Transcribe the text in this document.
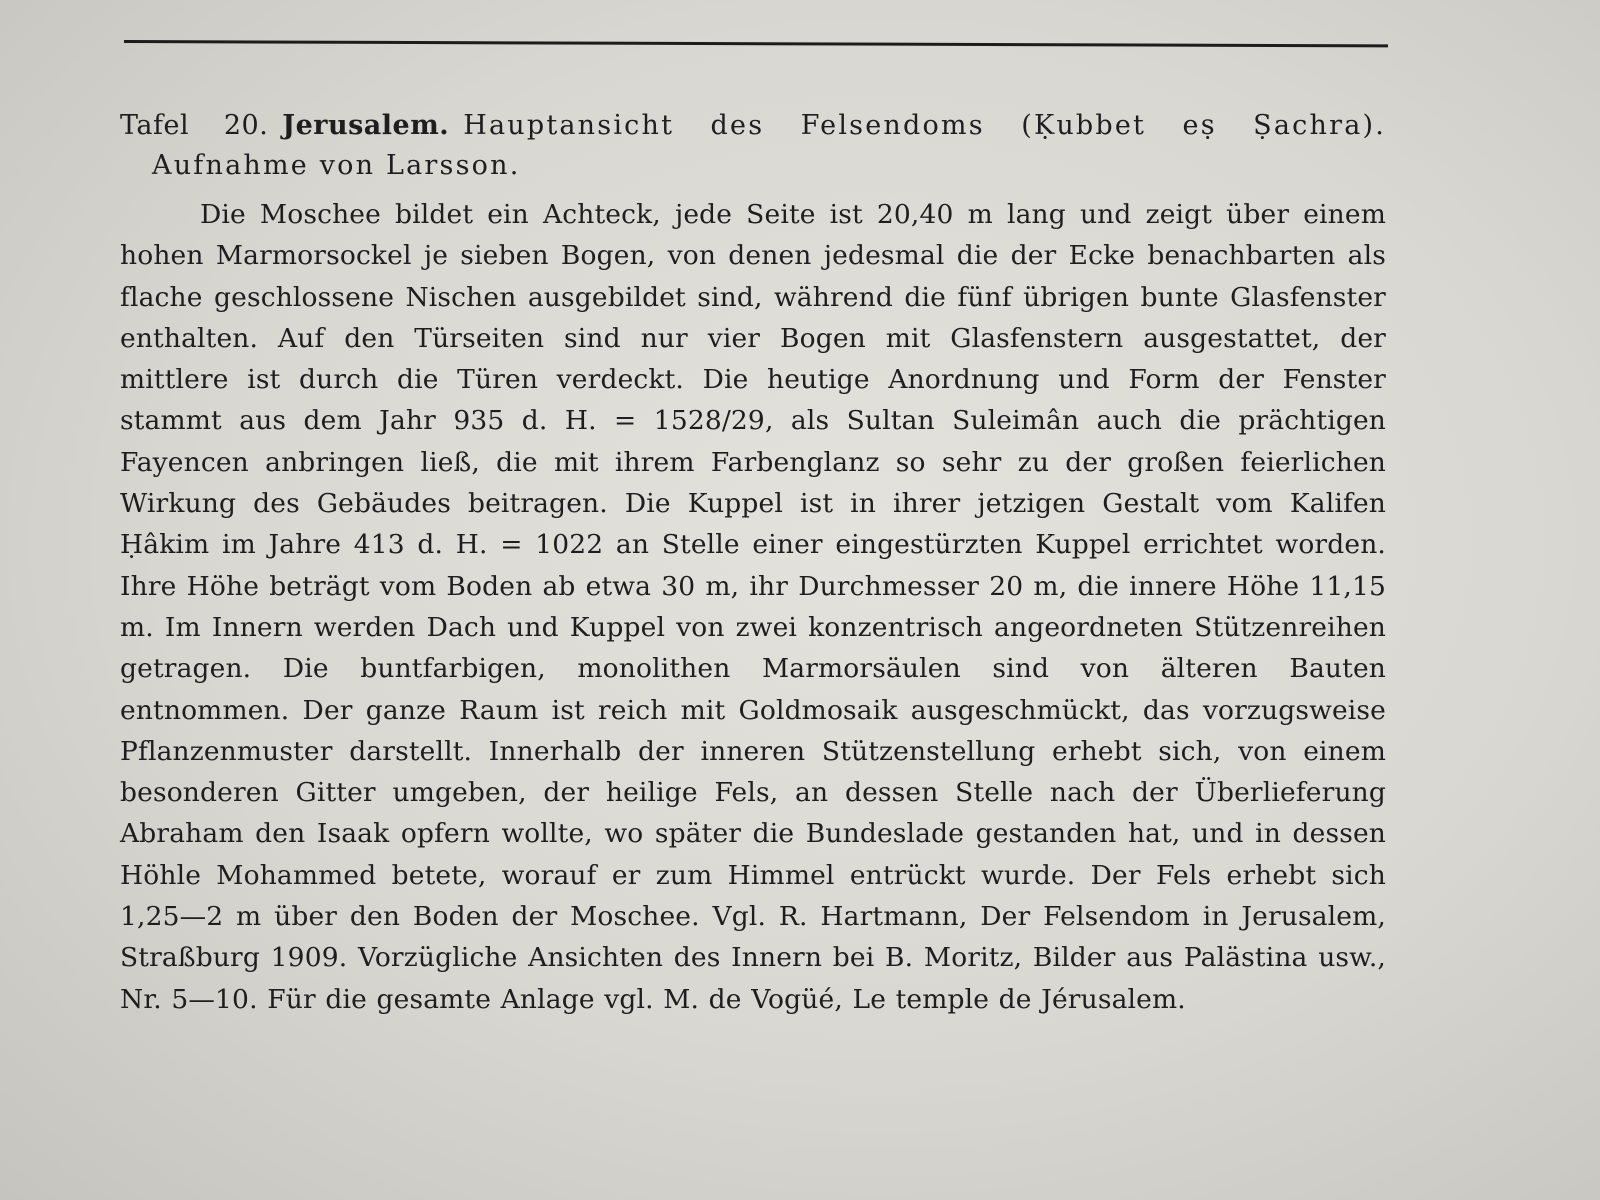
Tafel 20. Jerusalem. Hauptansicht des Felsendoms (Ḳubbet eṣ Ṣachra). Aufnahme von Larsson.

Die Moschee bildet ein Achteck, jede Seite ist 20,40 m lang und zeigt über einem hohen Marmorsockel je sieben Bogen, von denen jedesmal die der Ecke benachbarten als flache geschlossene Nischen ausgebildet sind, während die fünf übrigen bunte Glasfenster enthalten. Auf den Türseiten sind nur vier Bogen mit Glasfenstern ausgestattet, der mittlere ist durch die Türen verdeckt. Die heutige Anordnung und Form der Fenster stammt aus dem Jahr 935 d. H. = 1528/29, als Sultan Suleimân auch die prächtigen Fayencen anbringen ließ, die mit ihrem Farbenglanz so sehr zu der großen feierlichen Wirkung des Gebäudes beitragen. Die Kuppel ist in ihrer jetzigen Gestalt vom Kalifen Ḥâkim im Jahre 413 d. H. = 1022 an Stelle einer eingestürzten Kuppel errichtet worden. Ihre Höhe beträgt vom Boden ab etwa 30 m, ihr Durchmesser 20 m, die innere Höhe 11,15 m. Im Innern werden Dach und Kuppel von zwei konzentrisch angeordneten Stützenreihen getragen. Die buntfarbigen, monolithen Marmorsäulen sind von älteren Bauten entnommen. Der ganze Raum ist reich mit Goldmosaik ausgeschmückt, das vorzugsweise Pflanzenmuster darstellt. Innerhalb der inneren Stützenstellung erhebt sich, von einem besonderen Gitter umgeben, der heilige Fels, an dessen Stelle nach der Überlieferung Abraham den Isaak opfern wollte, wo später die Bundeslade gestanden hat, und in dessen Höhle Mohammed betete, worauf er zum Himmel entrückt wurde. Der Fels erhebt sich 1,25—2 m über den Boden der Moschee. Vgl. R. Hartmann, Der Felsendom in Jerusalem, Straßburg 1909. Vorzügliche Ansichten des Innern bei B. Moritz, Bilder aus Palästina usw., Nr. 5—10. Für die gesamte Anlage vgl. M. de Vogüé, Le temple de Jérusalem.
